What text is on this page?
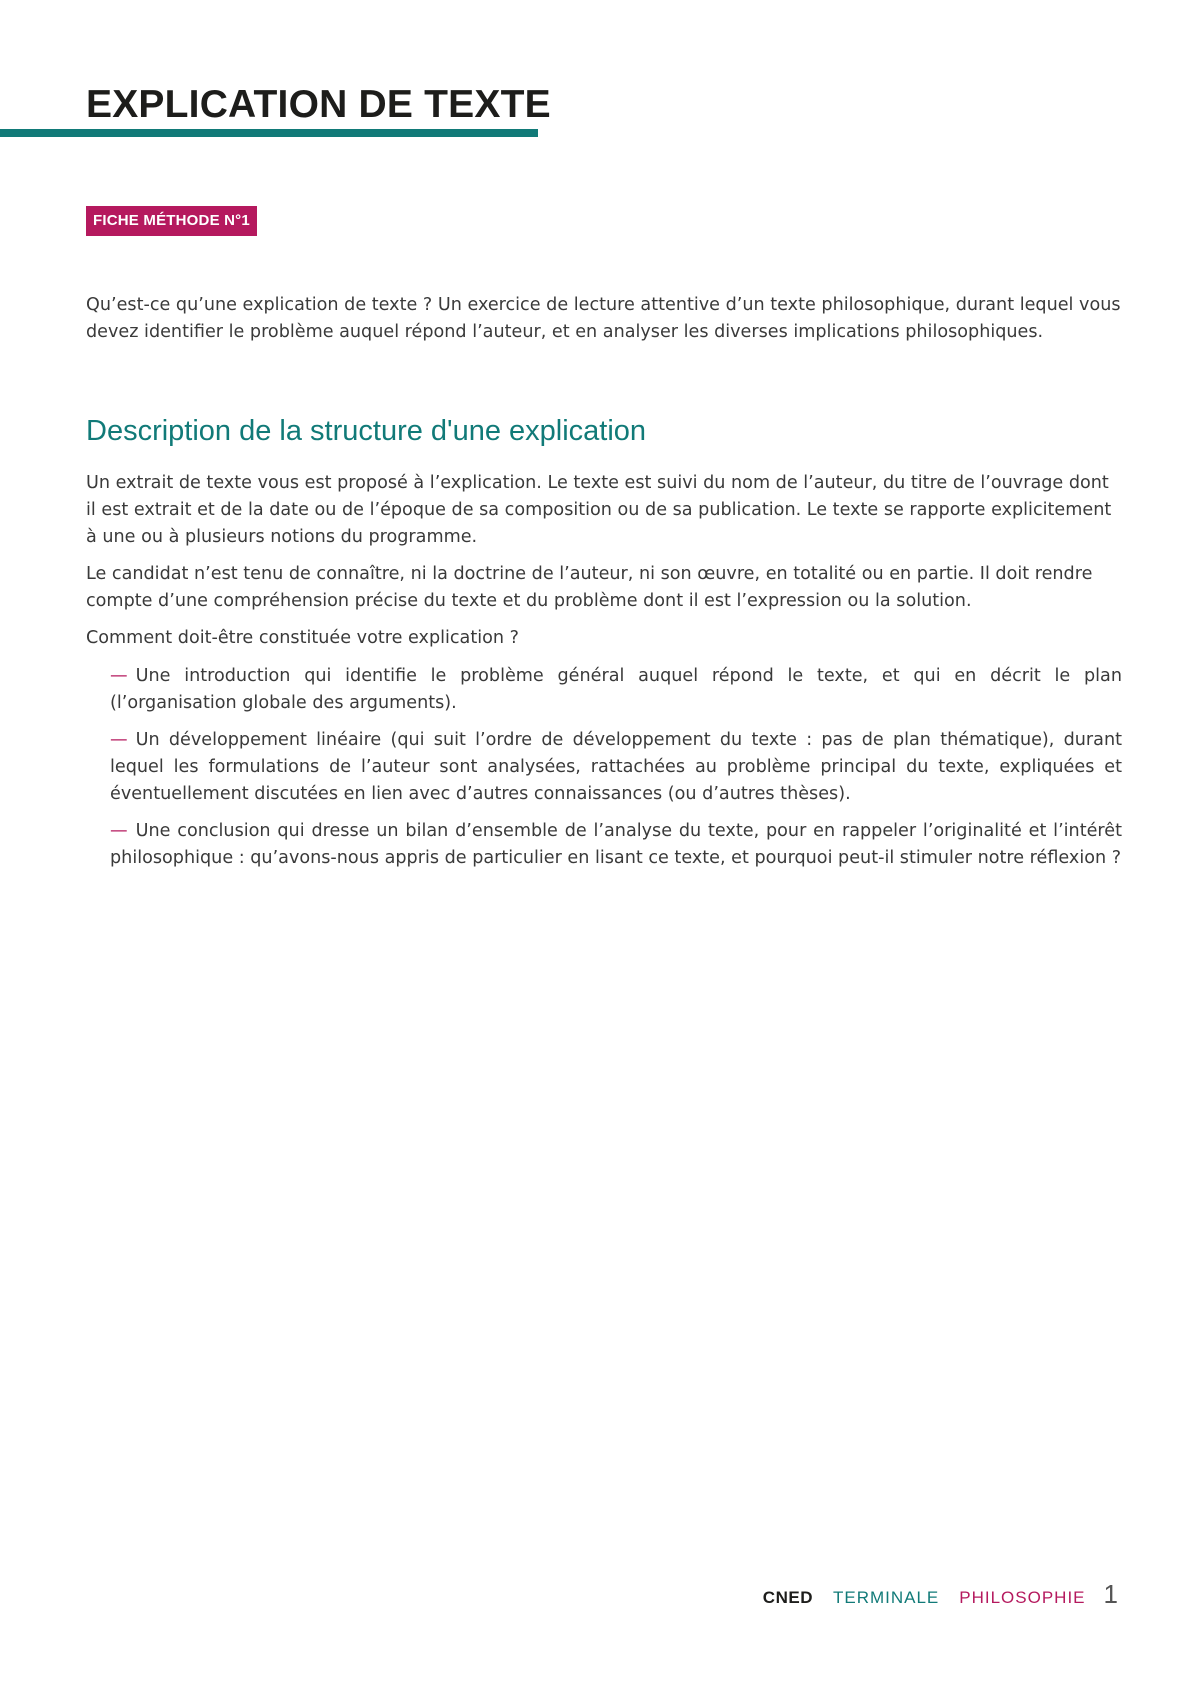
EXPLICATION DE TEXTE
FICHE MÉTHODE N°1

Qu’est-ce qu’une explication de texte ? Un exercice de lecture attentive d’un texte philosophique, durant lequel vous devez identifier le problème auquel répond l’auteur, et en analyser les diverses implications philosophiques.

Description de la structure d'une explication

Un extrait de texte vous est proposé à l’explication. Le texte est suivi du nom de l’auteur, du titre de l’ouvrage dont il est extrait et de la date ou de l’époque de sa composition ou de sa publication. Le texte se rapporte explicitement à une ou à plusieurs notions du programme.

Le candidat n’est tenu de connaître, ni la doctrine de l’auteur, ni son œuvre, en totalité ou en partie. Il doit rendre compte d’une compréhension précise du texte et du problème dont il est l’expression ou la solution.

Comment doit-être constituée votre explication ?

— Une introduction qui identifie le problème général auquel répond le texte, et qui en décrit le plan (l’organisation globale des arguments).
— Un développement linéaire (qui suit l’ordre de développement du texte : pas de plan thématique), durant lequel les formulations de l’auteur sont analysées, rattachées au problème principal du texte, expliquées et éventuellement discutées en lien avec d’autres connaissances (ou d’autres thèses).
— Une conclusion qui dresse un bilan d’ensemble de l’analyse du texte, pour en rappeler l’originalité et l’intérêt philosophique : qu’avons-nous appris de particulier en lisant ce texte, et pourquoi peut-il stimuler notre réflexion ?
CNED TERMINALE PHILOSOPHIE 1
